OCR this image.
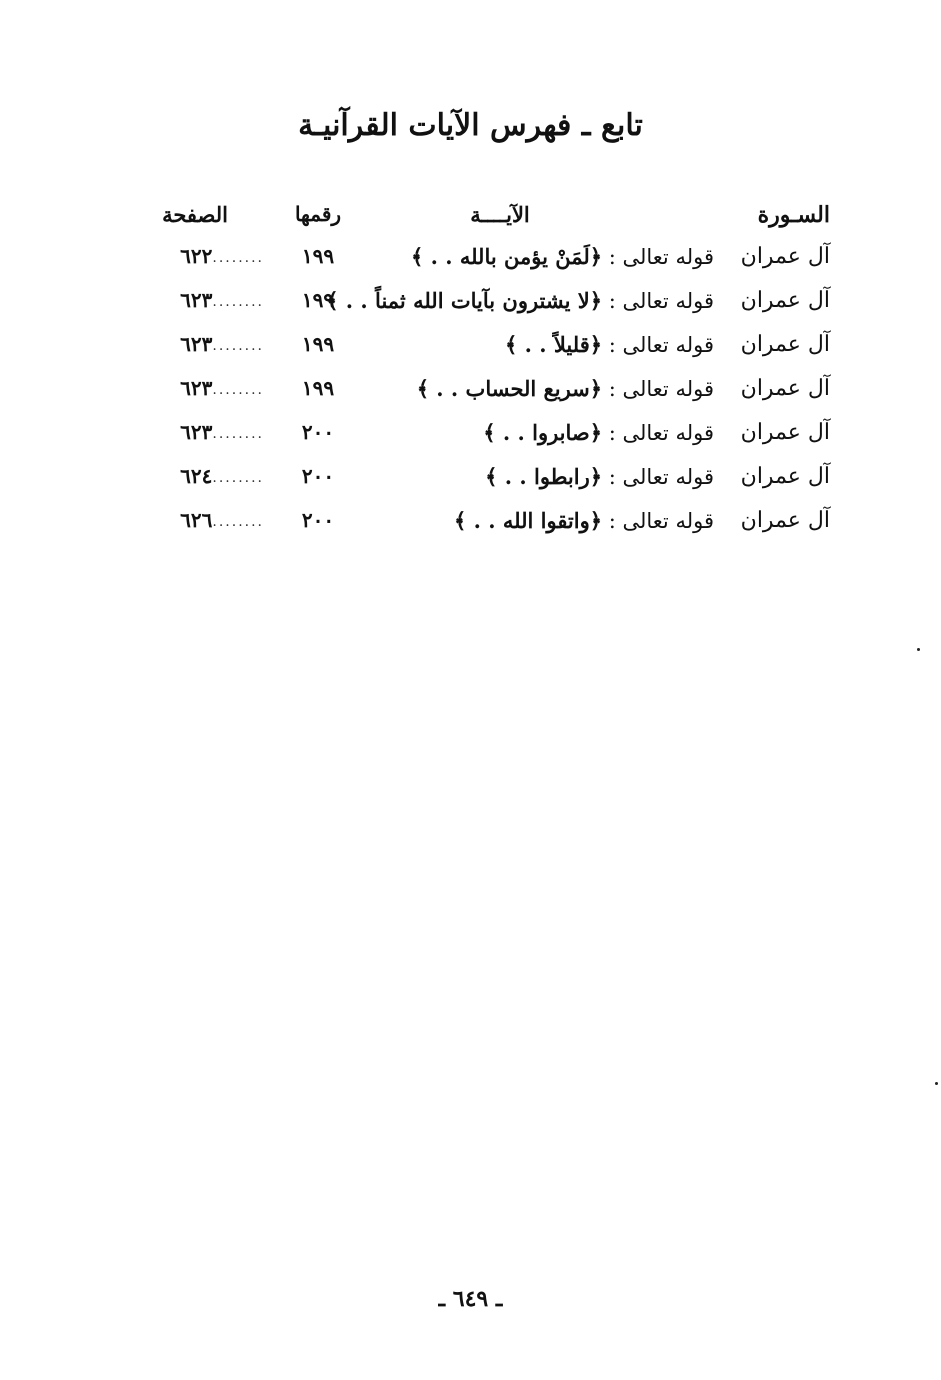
تابع ـ فهرس الآيات القرآنيـة
السـورة
الآيــــة
رقمها
الصفحة
آل عمران
قوله تعالى : ﴿لَمَنْ يؤمن بالله . . ﴾
١٩٩
........٦٢٢
آل عمران
قوله تعالى : ﴿لا يشترون بآيات الله ثمناً . . ﴾
١٩٩
........٦٢٣
آل عمران
قوله تعالى : ﴿قليلاً . . ﴾
١٩٩
........٦٢٣
آل عمران
قوله تعالى : ﴿سريع الحساب . . ﴾
١٩٩
........٦٢٣
آل عمران
قوله تعالى : ﴿صابروا . . ﴾
٢٠٠
........٦٢٣
آل عمران
قوله تعالى : ﴿رابطوا . . ﴾
٢٠٠
........٦٢٤
آل عمران
قوله تعالى : ﴿واتقوا الله . . ﴾
٢٠٠
........٦٢٦
ـ ٦٤٩ ـ
